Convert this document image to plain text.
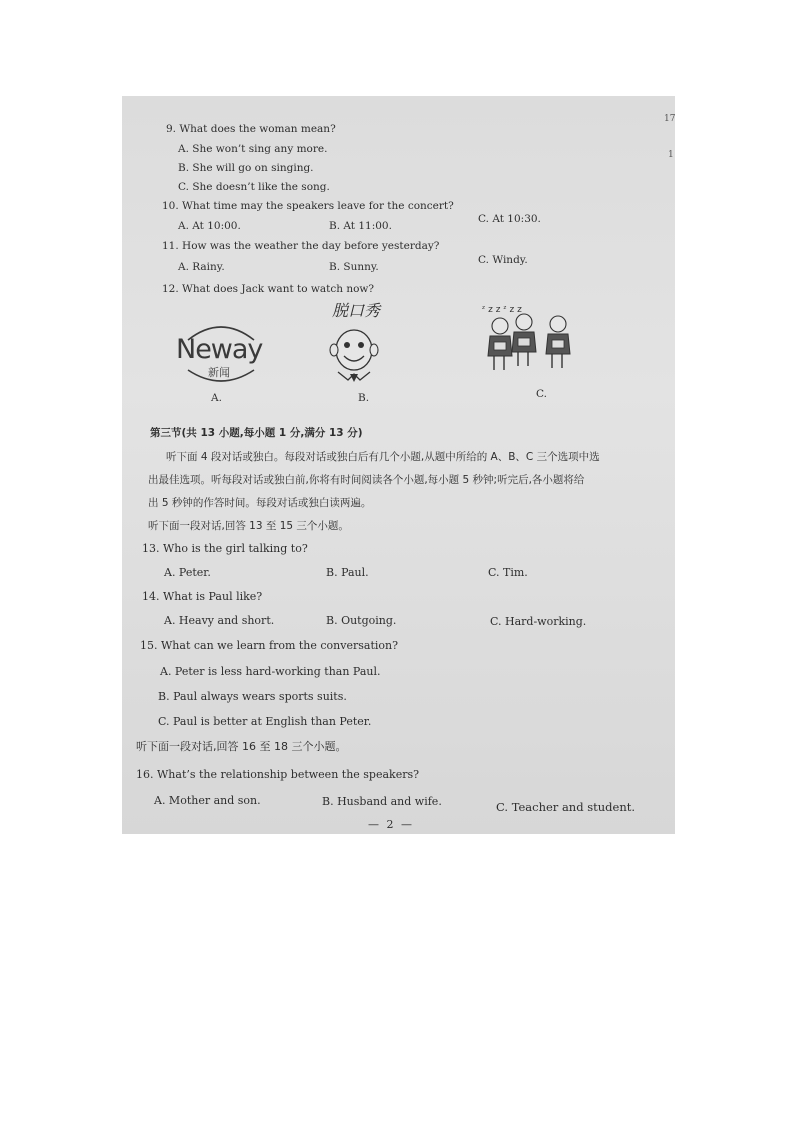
17
1
9. What does the woman mean?
A. She won’t sing any more.
B. She will go on singing.
C. She doesn’t like the song.
10. What time may the speakers leave for the concert?
A. At 10:00.	B. At 11:00.
C. At 10:30.
11. How was the weather the day before yesterday?
A. Rainy.	B. Sunny.
C. Windy.
12. What does Jack want to watch now?
Neway
新闻
脱口秀	ᶻ z z ᶻ z z
A.	B.	C.
第三节(共 13 小题,每小题 1 分,满分 13 分)
听下面 4 段对话或独白。每段对话或独白后有几个小题,从题中所给的 A、B、C 三个选项中选
出最佳选项。听每段对话或独白前,你将有时间阅读各个小题,每小题 5 秒钟;听完后,各小题将给
出 5 秒钟的作答时间。每段对话或独白读两遍。
听下面一段对话,回答 13 至 15 三个小题。
13. Who is the girl talking to?
A. Peter.	B. Paul.	C. Tim.
14. What is Paul like?
A. Heavy and short.	B. Outgoing.	C. Hard-working.
15. What can we learn from the conversation?
A. Peter is less hard-working than Paul.
B. Paul always wears sports suits.
C. Paul is better at English than Peter.
听下面一段对话,回答 16 至 18 三个小题。
16. What’s the relationship between the speakers?
A. Mother and son.	B. Husband and wife.	C. Teacher and student.
— 2 —
